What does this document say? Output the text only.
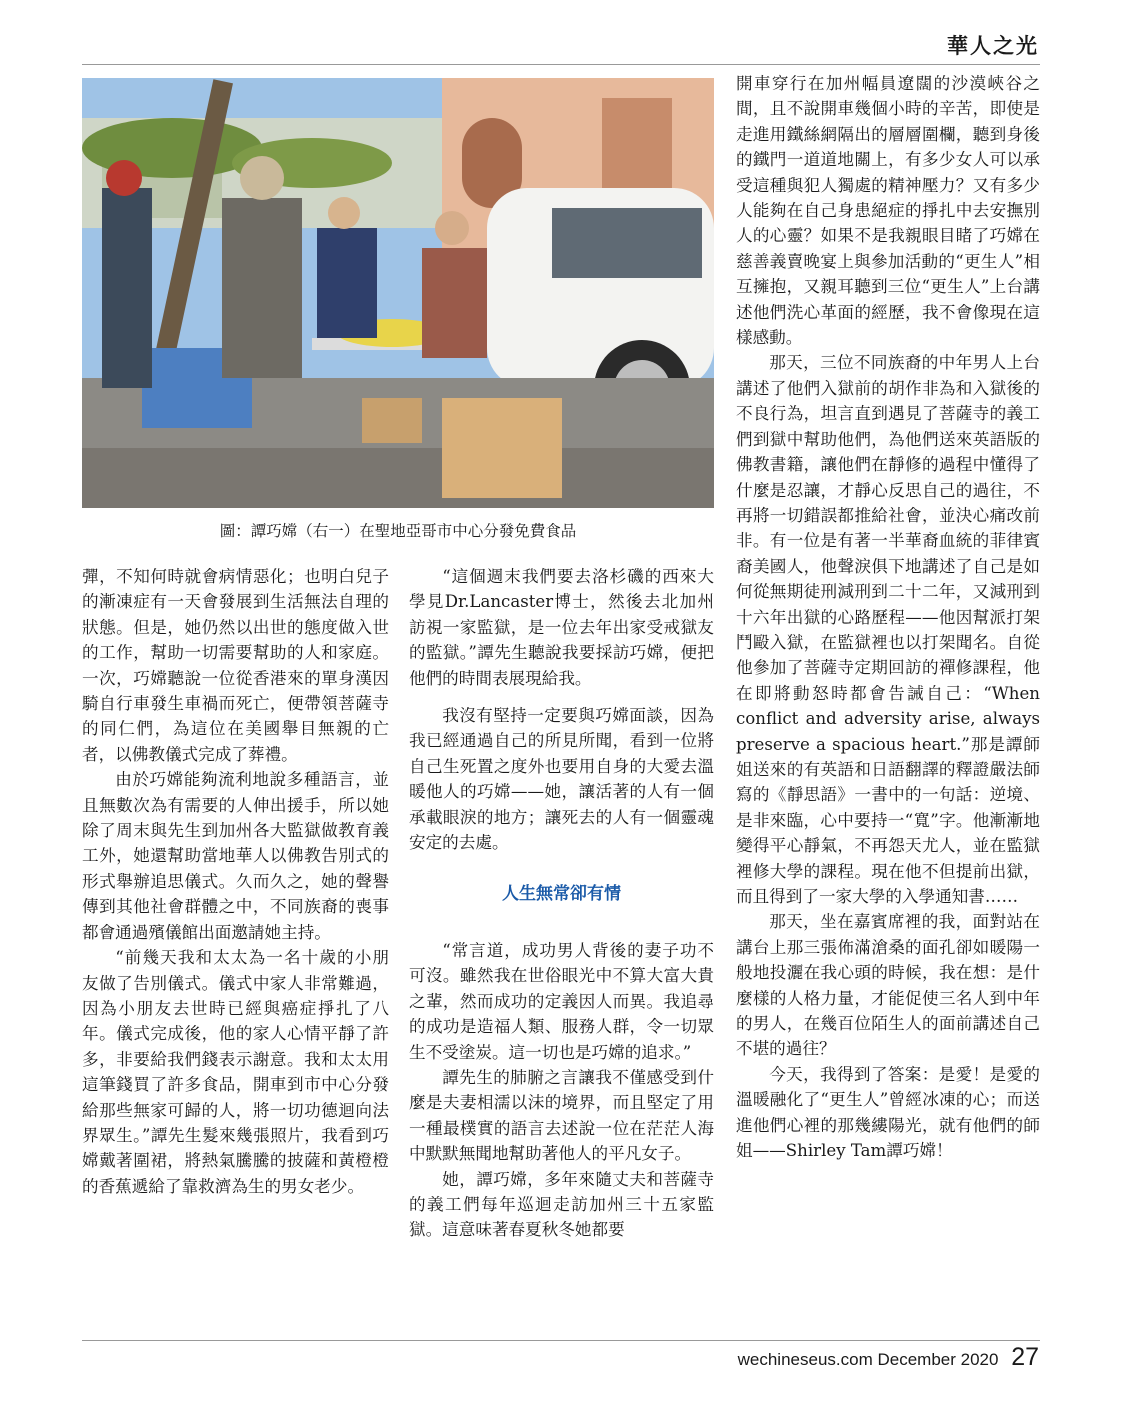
華人之光
圖：譚巧嫦（右一）在聖地亞哥市中心分發免費食品

彈，不知何時就會病情惡化；也明白兒子的漸凍症有一天會發展到生活無法自理的狀態。但是，她仍然以出世的態度做入世的工作，幫助一切需要幫助的人和家庭。一次，巧嫦聽說一位從香港來的單身漢因騎自行車發生車禍而死亡，便帶領菩薩寺的同仁們，為這位在美國舉目無親的亡者，以佛教儀式完成了葬禮。

由於巧嫦能夠流利地說多種語言，並且無數次為有需要的人伸出援手，所以她除了周末與先生到加州各大監獄做教育義工外，她還幫助當地華人以佛教告別式的形式舉辦追思儀式。久而久之，她的聲譽傳到其他社會群體之中，不同族裔的喪事都會通過殯儀館出面邀請她主持。

“前幾天我和太太為一名十歲的小朋友做了告別儀式。儀式中家人非常難過，因為小朋友去世時已經與癌症掙扎了八年。儀式完成後，他的家人心情平靜了許多，非要給我們錢表示謝意。我和太太用這筆錢買了許多食品，開車到市中心分發給那些無家可歸的人，將一切功德迴向法界眾生。”譚先生髮來幾張照片，我看到巧嫦戴著圍裙，將熱氣騰騰的披薩和黃橙橙的香蕉遞給了靠救濟為生的男女老少。

“這個週末我們要去洛杉磯的西來大學見Dr.Lancaster博士，然後去北加州訪視一家監獄，是一位去年出家受戒獄友的監獄。”譚先生聽說我要採訪巧嫦，便把他們的時間表展現給我。

我沒有堅持一定要與巧嫦面談，因為我已經通過自己的所見所聞，看到一位將自己生死置之度外也要用自身的大愛去溫暖他人的巧嫦——她，讓活著的人有一個承載眼淚的地方；讓死去的人有一個靈魂安定的去處。

人生無常卻有情

“常言道，成功男人背後的妻子功不可沒。雖然我在世俗眼光中不算大富大貴之輩，然而成功的定義因人而異。我追尋的成功是造福人類、服務人群，令一切眾生不受塗炭。這一切也是巧嫦的追求。”

譚先生的肺腑之言讓我不僅感受到什麼是夫妻相濡以沫的境界，而且堅定了用一種最樸實的語言去述說一位在茫茫人海中默默無聞地幫助著他人的平凡女子。

她，譚巧嫦，多年來隨丈夫和菩薩寺的義工們每年巡迴走訪加州三十五家監獄。這意味著春夏秋冬她都要

開車穿行在加州幅員遼闊的沙漠峽谷之間，且不說開車幾個小時的辛苦，即使是走進用鐵絲網隔出的層層圍欄，聽到身後的鐵門一道道地關上，有多少女人可以承受這種與犯人獨處的精神壓力？又有多少人能夠在自己身患絕症的掙扎中去安撫別人的心靈？如果不是我親眼目睹了巧嫦在慈善義賣晚宴上與參加活動的“更生人”相互擁抱，又親耳聽到三位“更生人”上台講述他們洗心革面的經歷，我不會像現在這樣感動。

那天，三位不同族裔的中年男人上台講述了他們入獄前的胡作非為和入獄後的不良行為，坦言直到遇見了菩薩寺的義工們到獄中幫助他們，為他們送來英語版的佛教書籍，讓他們在靜修的過程中懂得了什麼是忍讓，才靜心反思自己的過往，不再將一切錯誤都推給社會，並決心痛改前非。有一位是有著一半華裔血統的菲律賓裔美國人，他聲淚俱下地講述了自己是如何從無期徒刑減刑到二十二年，又減刑到十六年出獄的心路歷程——他因幫派打架鬥毆入獄，在監獄裡也以打架聞名。自從他參加了菩薩寺定期回訪的禪修課程，他在即將動怒時都會告誡自己：“When conflict and adversity arise, always preserve a spacious heart.”那是譚師姐送來的有英語和日語翻譯的釋證嚴法師寫的《靜思語》一書中的一句話：逆境、是非來臨，心中要持一“寬”字。他漸漸地變得平心靜氣，不再怨天尤人，並在監獄裡修大學的課程。現在他不但提前出獄，而且得到了一家大學的入學通知書……

那天，坐在嘉賓席裡的我，面對站在講台上那三張佈滿滄桑的面孔卻如暖陽一般地投灑在我心頭的時候，我在想：是什麼樣的人格力量，才能促使三名人到中年的男人，在幾百位陌生人的面前講述自己不堪的過往？

今天，我得到了答案：是愛！是愛的溫暖融化了“更生人”曾經冰凍的心；而送進他們心裡的那幾縷陽光，就有他們的師姐——Shirley Tam譚巧嫦！

wechineseus.com December 2020 27
